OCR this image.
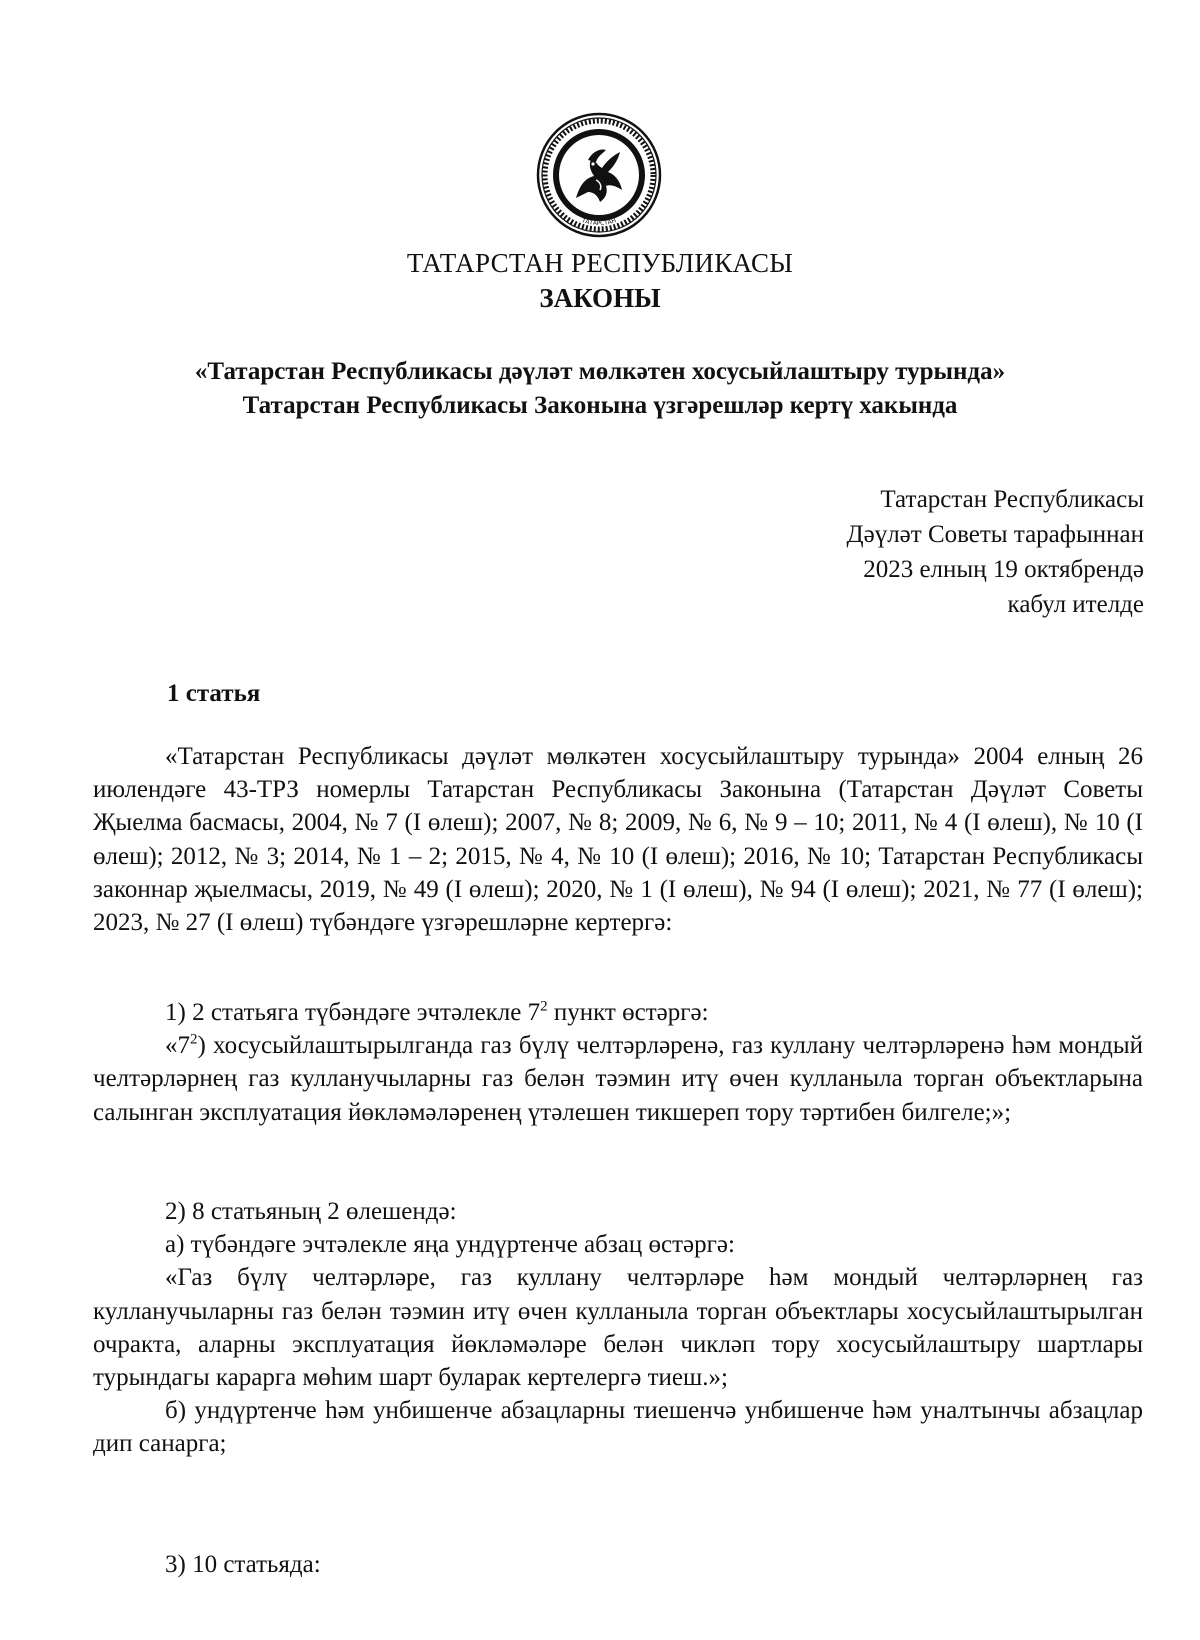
ТАТАРСТАН
ТАТАРСТАН РЕСПУБЛИКАСЫ
ЗАКОНЫ
«Татарстан Республикасы дәүләт мөлкәтен хосусыйлаштыру турында»
Татарстан Республикасы Законына үзгәрешләр кертү хакында
Татарстан Республикасы
Дәүләт Советы тарафыннан
2023 елның 19 октябрендә
кабул ителде
1 статья

«Татарстан Республикасы дәүләт мөлкәтен хосусыйлаштыру турында» 2004 елның 26 июлендәге 43-ТРЗ номерлы Татарстан Республикасы Законына (Татарстан Дәүләт Советы Җыелма басмасы, 2004, № 7 (I өлеш); 2007, № 8; 2009, № 6, № 9 – 10; 2011, № 4 (I өлеш), № 10 (I өлеш); 2012, № 3; 2014, № 1 – 2; 2015, № 4, № 10 (I өлеш); 2016, № 10; Татарстан Республикасы законнар җыелмасы, 2019, № 49 (I өлеш); 2020, № 1 (I өлеш), № 94 (I өлеш); 2021, № 77 (I өлеш); 2023, № 27 (I өлеш) түбәндәге үзгәрешләрне кертергә:

1) 2 статьяга түбәндәге эчтәлекле $7^2$ пункт өстәргә:

«$7^2$) хосусыйлаштырылганда газ бүлү челтәрләренә, газ куллану челтәрләренә һәм мондый челтәрләрнең газ кулланучыларны газ белән тәэмин итү өчен кулланыла торган объектларына салынган эксплуатация йөкләмәләренең үтәлешен тикшереп тору тәртибен билгеле;»;

2) 8 статьяның 2 өлешендә:

а) түбәндәге эчтәлекле яңа ундүртенче абзац өстәргә:

«Газ бүлү челтәрләре, газ куллану челтәрләре һәм мондый челтәрләрнең газ кулланучыларны газ белән тәэмин итү өчен кулланыла торган объектлары хосусыйлаштырылган очракта, аларны эксплуатация йөкләмәләре белән чикләп тору хосусыйлаштыру шартлары турындагы карарга мөһим шарт буларак кертелергә тиеш.»;

б) ундүртенче һәм унбишенче абзацларны тиешенчә унбишенче һәм уналтынчы абзацлар дип санарга;

3) 10 статьяда:
